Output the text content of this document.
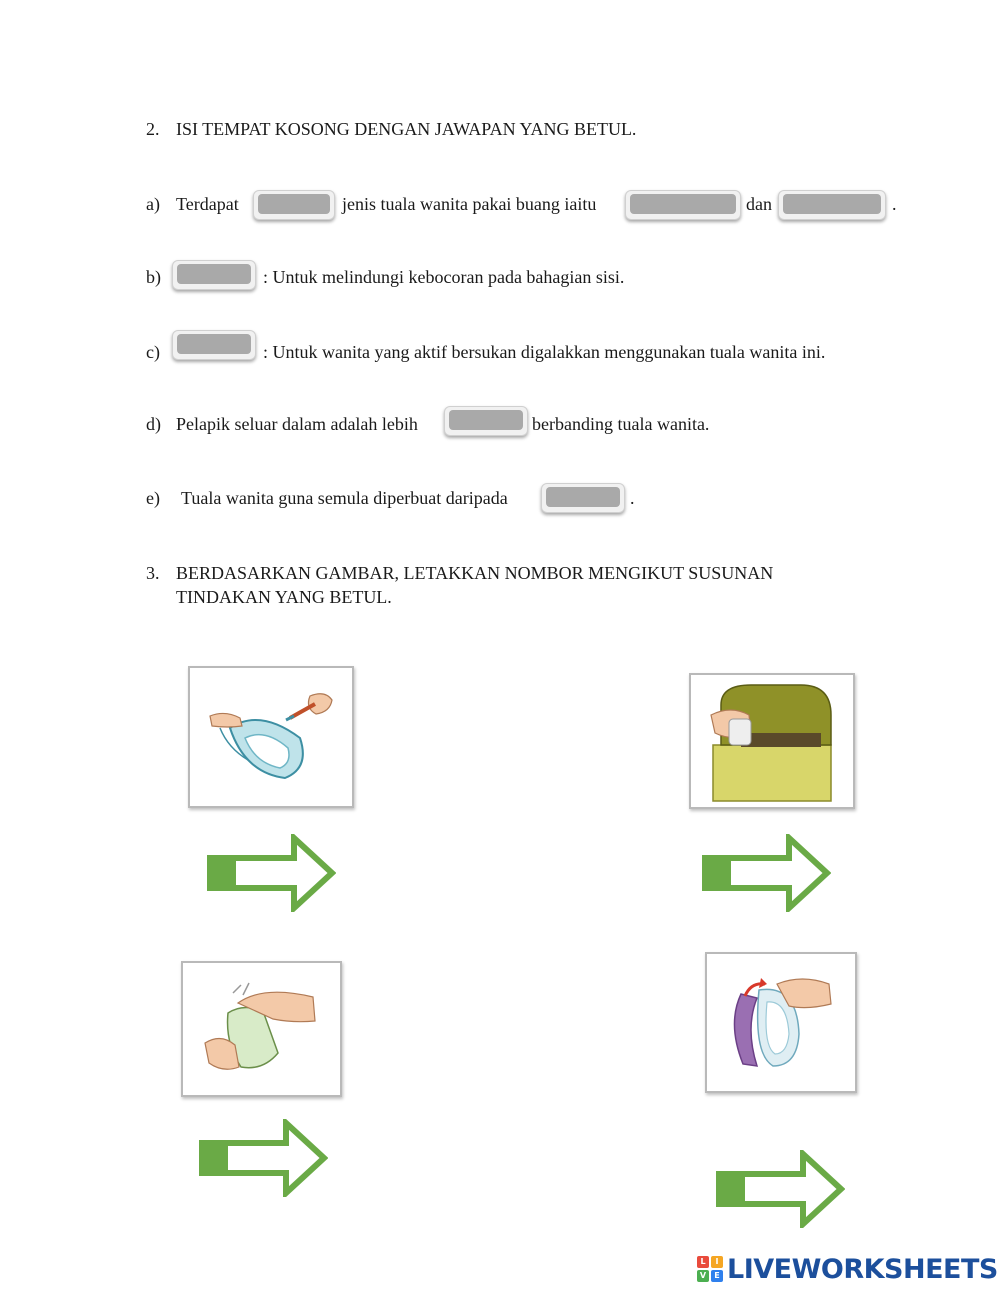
2. ISI TEMPAT KOSONG DENGAN JAWAPAN YANG BETUL.
a) Terdapat	jenis tuala wanita pakai buang iaitu	dan	.
b)	: Untuk melindungi kebocoran pada bahagian sisi.
c)	: Untuk wanita yang aktif bersukan digalakkan menggunakan tuala wanita ini.
d) Pelapik seluar dalam adalah lebih	berbanding tuala wanita.
e) Tuala wanita guna semula diperbuat daripada	.
3. BERDASARKAN GAMBAR, LETAKKAN NOMBOR MENGIKUT SUSUNAN
TINDAKAN YANG BETUL.
L	I
V	E LIVEWORKSHEETS
